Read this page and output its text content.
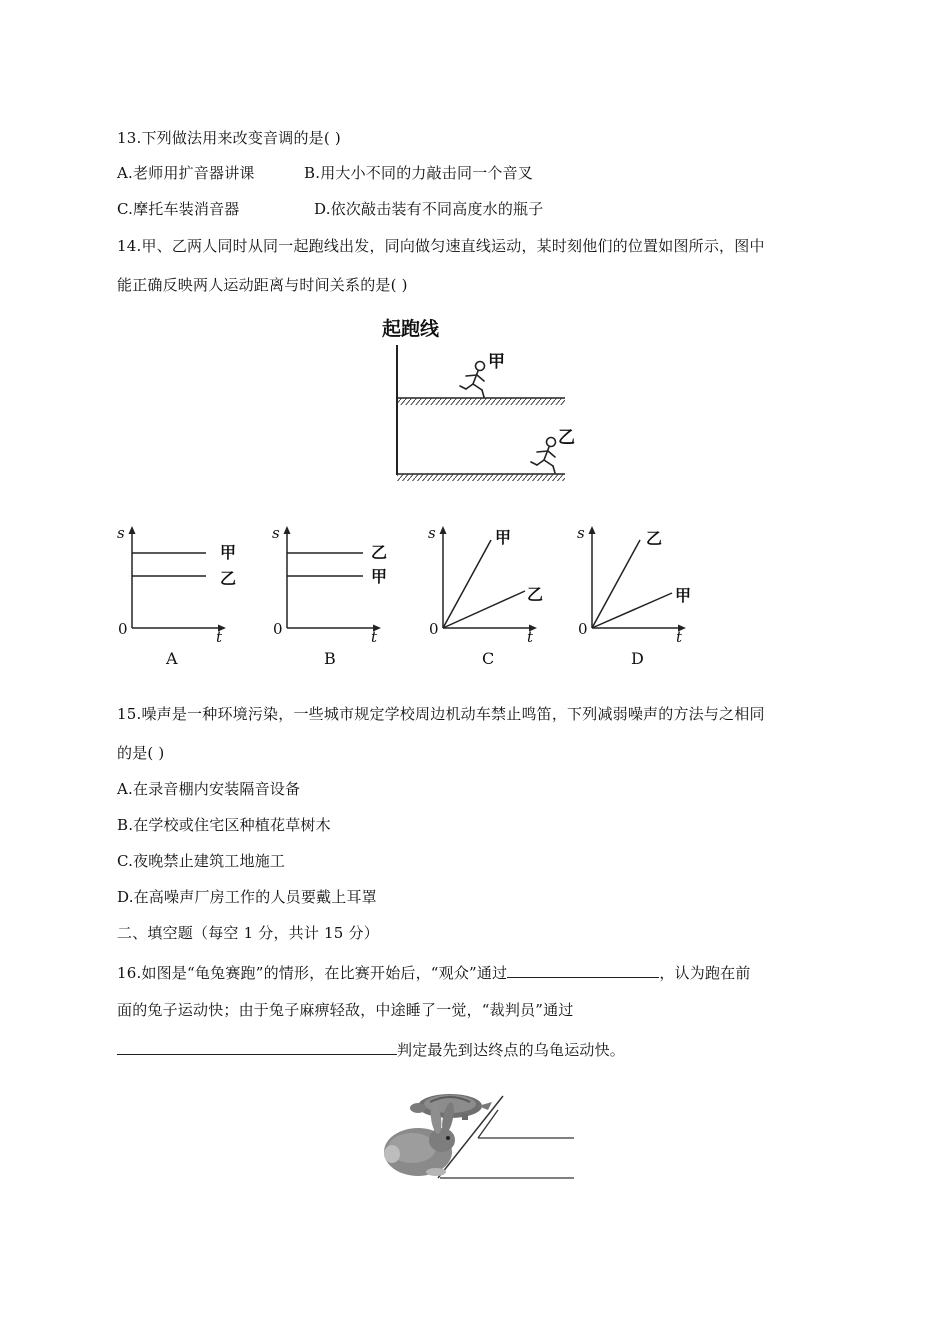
13.下列做法用来改变音调的是( )
A.老师用扩音器讲课	B.用大小不同的力敲击同一个音叉
C.摩托车装消音器	D.依次敲击装有不同高度水的瓶子
14.甲、乙两人同时从同一起跑线出发，同向做匀速直线运动，某时刻他们的位置如图所示，图中
能正确反映两人运动距离与时间关系的是( )
起跑线
甲
乙
s
t
0
甲
乙
A
s
t
0
乙
甲
B
s
t
0
甲
乙
C
s
t
0
乙
甲
D
15.噪声是一种环境污染，一些城市规定学校周边机动车禁止鸣笛，下列减弱噪声的方法与之相同
的是( )
A.在录音棚内安装隔音设备
B.在学校或住宅区种植花草树木
C.夜晚禁止建筑工地施工
D.在高噪声厂房工作的人员要戴上耳罩
二、填空题（每空 1 分，共计 15 分）
16.如图是“龟兔赛跑”的情形，在比赛开始后，“观众”通过	，认为跑在前
面的兔子运动快；由于兔子麻痹轻敌，中途睡了一觉，“裁判员”通过
判定最先到达终点的乌龟运动快。
